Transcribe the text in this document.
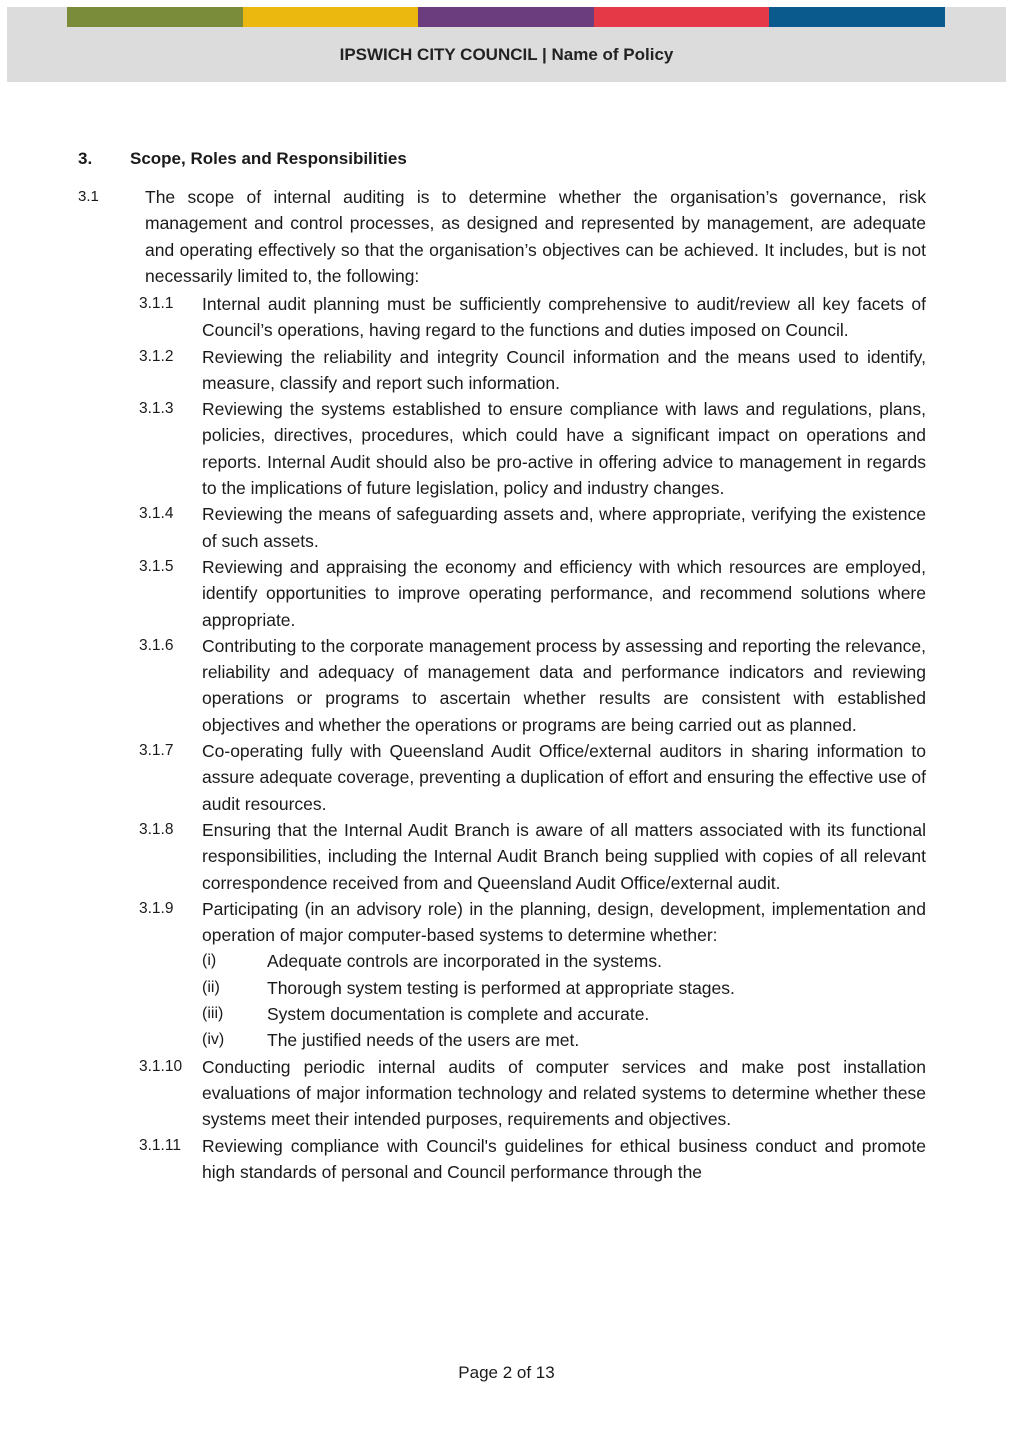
IPSWICH CITY COUNCIL | Name of Policy
3.	Scope, Roles and Responsibilities
3.1	The scope of internal auditing is to determine whether the organisation’s governance, risk management and control processes, as designed and represented by management, are adequate and operating effectively so that the organisation’s objectives can be achieved. It includes, but is not necessarily limited to, the following:
3.1.1	Internal audit planning must be sufficiently comprehensive to audit/review all key facets of Council’s operations, having regard to the functions and duties imposed on Council.
3.1.2	Reviewing the reliability and integrity Council information and the means used to identify, measure, classify and report such information.
3.1.3	Reviewing the systems established to ensure compliance with laws and regulations, plans, policies, directives, procedures, which could have a significant impact on operations and reports. Internal Audit should also be pro-active in offering advice to management in regards to the implications of future legislation, policy and industry changes.
3.1.4	Reviewing the means of safeguarding assets and, where appropriate, verifying the existence of such assets.
3.1.5	Reviewing and appraising the economy and efficiency with which resources are employed, identify opportunities to improve operating performance, and recommend solutions where appropriate.
3.1.6	Contributing to the corporate management process by assessing and reporting the relevance, reliability and adequacy of management data and performance indicators and reviewing operations or programs to ascertain whether results are consistent with established objectives and whether the operations or programs are being carried out as planned.
3.1.7	Co-operating fully with Queensland Audit Office/external auditors in sharing information to assure adequate coverage, preventing a duplication of effort and ensuring the effective use of audit resources.
3.1.8	Ensuring that the Internal Audit Branch is aware of all matters associated with its functional responsibilities, including the Internal Audit Branch being supplied with copies of all relevant correspondence received from and Queensland Audit Office/external audit.
3.1.9	Participating (in an advisory role) in the planning, design, development, implementation and operation of major computer-based systems to determine whether:
(i)	Adequate controls are incorporated in the systems.
(ii)	Thorough system testing is performed at appropriate stages.
(iii)	System documentation is complete and accurate.
(iv)	The justified needs of the users are met.
3.1.10	Conducting periodic internal audits of computer services and make post installation evaluations of major information technology and related systems to determine whether these systems meet their intended purposes, requirements and objectives.
3.1.11	Reviewing compliance with Council's guidelines for ethical business conduct and promote high standards of personal and Council performance through the
Page 2 of 13
